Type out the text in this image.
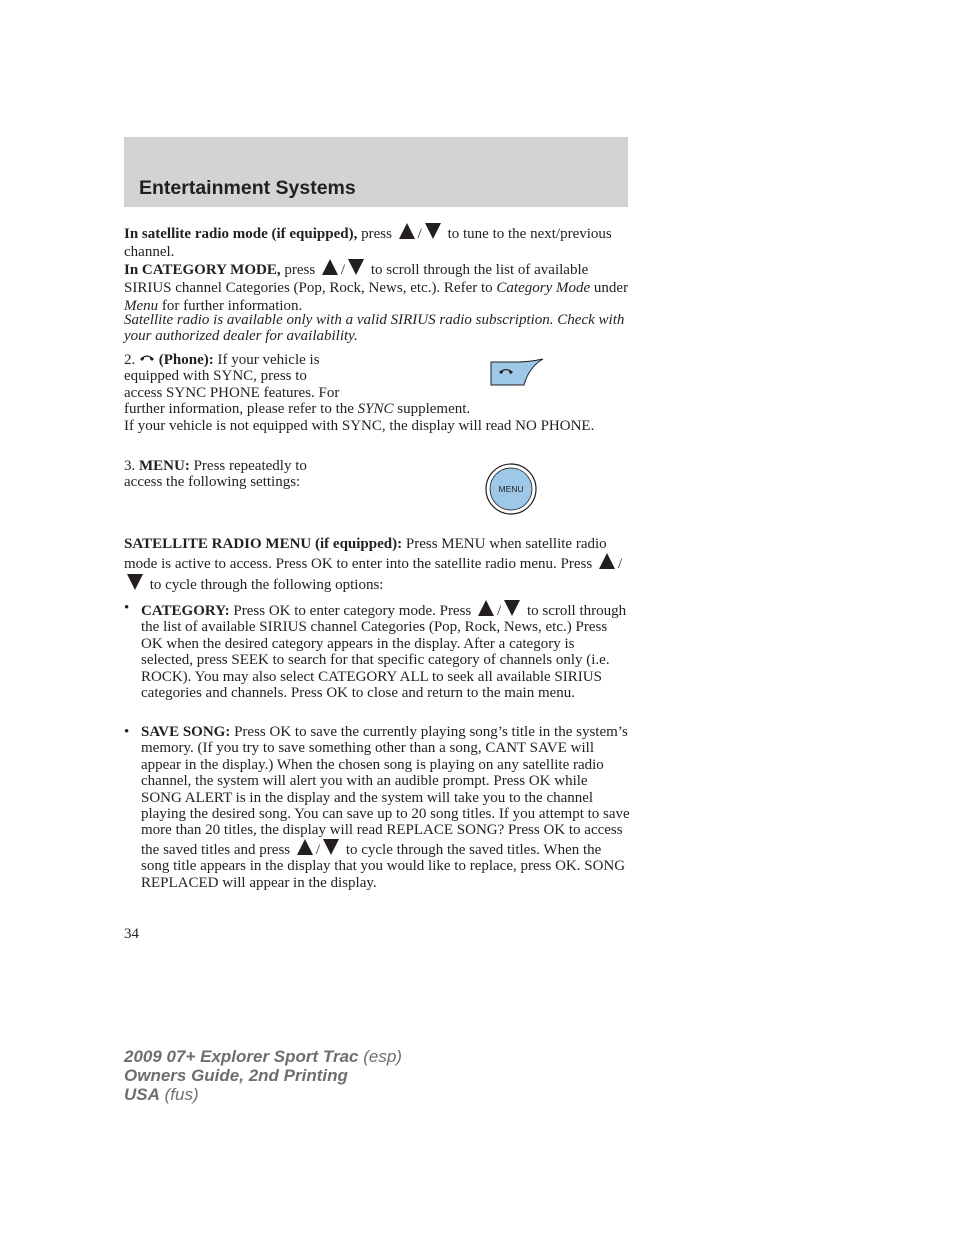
Entertainment Systems

In satellite radio mode (if equipped), press / to tune to the next/previous channel.

In CATEGORY MODE, press / to scroll through the list of available SIRIUS channel Categories (Pop, Rock, News, etc.). Refer to Category Mode under Menu for further information.

Satellite radio is available only with a valid SIRIUS radio subscription. Check with your authorized dealer for availability.

2.  (Phone): If your vehicle is
equipped with SYNC, press to
access SYNC PHONE features. For
further information, please refer to the SYNC supplement.
If your vehicle is not equipped with SYNC, the display will read NO PHONE.

3. MENU: Press repeatedly to
access the following settings:	MENU

SATELLITE RADIO MENU (if equipped): Press MENU when satellite radio mode is active to access. Press OK to enter into the satellite radio menu. Press / to cycle through the following options:

• CATEGORY: Press OK to enter category mode. Press / to scroll through the list of available SIRIUS channel Categories (Pop, Rock, News, etc.) Press OK when the desired category appears in the display. After a category is selected, press SEEK to search for that specific category of channels only (i.e. ROCK). You may also select CATEGORY ALL to seek all available SIRIUS categories and channels. Press OK to close and return to the main menu.

• SAVE SONG: Press OK to save the currently playing song’s title in the system’s memory. (If you try to save something other than a song, CANT SAVE will appear in the display.) When the chosen song is playing on any satellite radio channel, the system will alert you with an audible prompt. Press OK while SONG ALERT is in the display and the system will take you to the channel playing the desired song. You can save up to 20 song titles. If you attempt to save more than 20 titles, the display will read REPLACE SONG? Press OK to access the saved titles and press / to cycle through the saved titles. When the song title appears in the display that you would like to replace, press OK. SONG REPLACED will appear in the display.

34
2009 07+ Explorer Sport Trac (esp)
Owners Guide, 2nd Printing
USA (fus)
